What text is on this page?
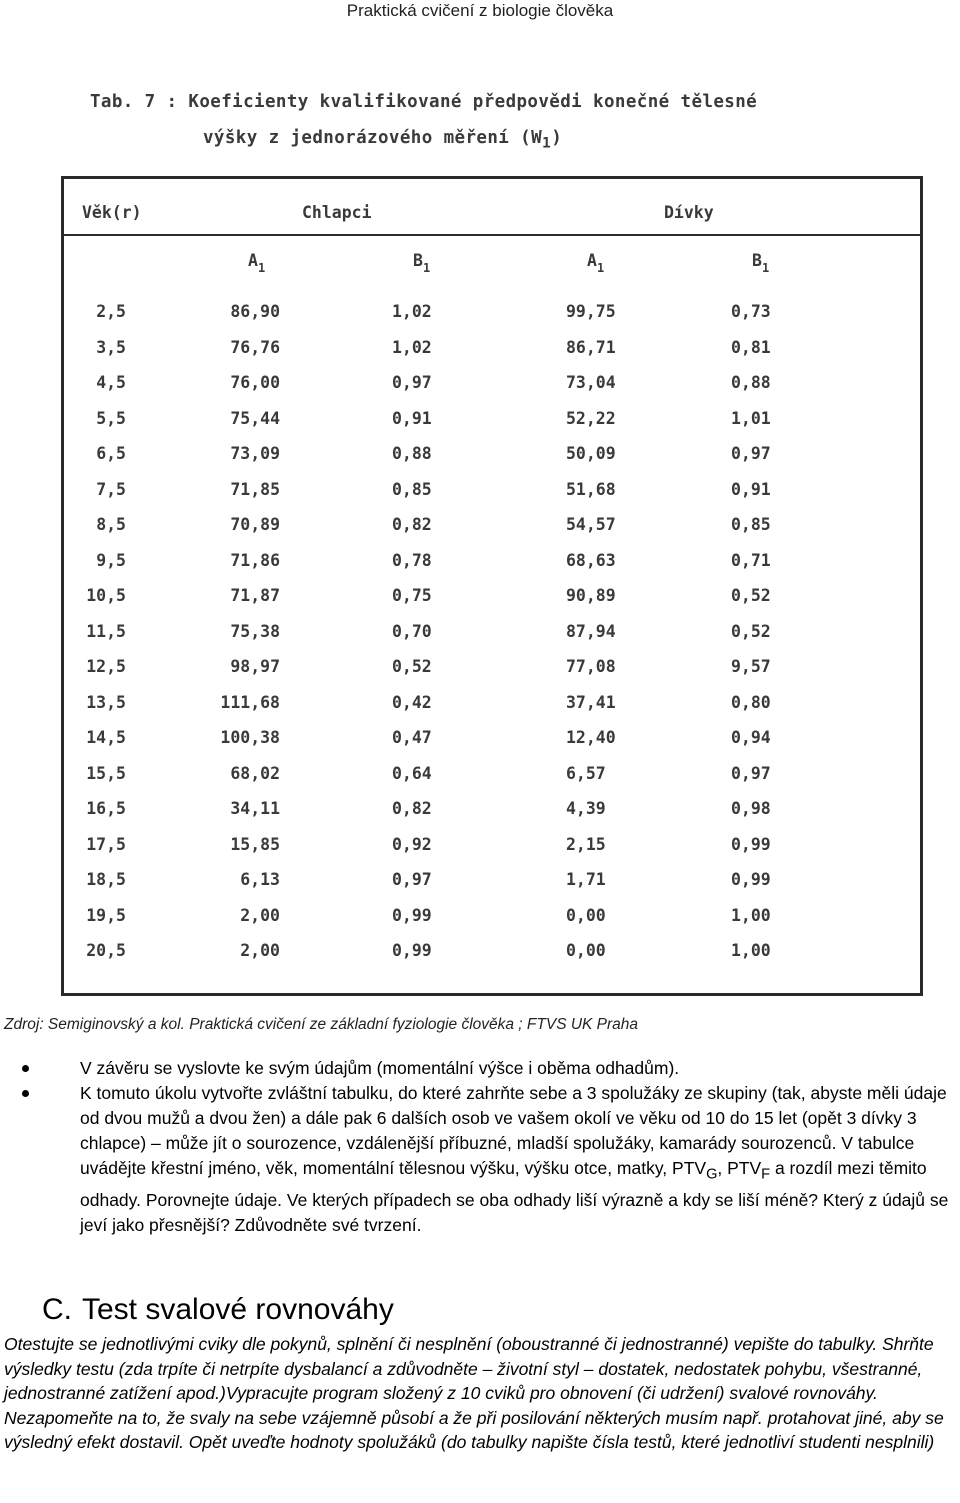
Praktická cvičení z biologie člověka
Tab. 7 : Koeficienty kvalifikované předpovědi konečné tělesné
výšky z jednorázového měření $(W_1)$
Věk(r)	Chlapci	Dívky
$A_1$	$B_1$	$A_1$	$B_1$
2,5	86,90	1,02	99,75	0,73
3,5	76,76	1,02	86,71	0,81
4,5	76,00	0,97	73,04	0,88
5,5	75,44	0,91	52,22	1,01
6,5	73,09	0,88	50,09	0,97
7,5	71,85	0,85	51,68	0,91
8,5	70,89	0,82	54,57	0,85
9,5	71,86	0,78	68,63	0,71
10,5	71,87	0,75	90,89	0,52
11,5	75,38	0,70	87,94	0,52
12,5	98,97	0,52	77,08	9,57
13,5	111,68	0,42	37,41	0,80
14,5	100,38	0,47	12,40	0,94
15,5	68,02	0,64	6,57	0,97
16,5	34,11	0,82	4,39	0,98
17,5	15,85	0,92	2,15	0,99
18,5	6,13	0,97	1,71	0,99
19,5	2,00	0,99	0,00	1,00
20,5	2,00	0,99	0,00	1,00
Zdroj: Semiginovský a kol. Praktická cvičení ze základní fyziologie člověka ; FTVS UK Praha
V závěru se vyslovte ke svým údajům (momentální výšce i oběma odhadům).
K tomuto úkolu vytvořte zvláštní tabulku, do které zahrňte sebe a 3 spolužáky ze skupiny (tak, abyste měli údaje od dvou mužů a dvou žen) a dále pak 6 dalších osob ve vašem okolí ve věku od 10 do 15 let (opět 3 dívky 3 chlapce) – může jít o sourozence, vzdálenější příbuzné, mladší spolužáky, kamarády sourozenců. V tabulce uvádějte křestní jméno, věk, momentální tělesnou výšku, výšku otce, matky, $PTV_G$, $PTV_F$ a rozdíl mezi těmito odhady. Porovnejte údaje. Ve kterých případech se oba odhady liší výrazně a kdy se liší méně? Který z údajů se jeví jako přesnější? Zdůvodněte své tvrzení.
C. Test svalové rovnováhy
Otestujte se jednotlivými cviky dle pokynů, splnění či nesplnění (oboustranné či jednostranné) vepište do tabulky. Shrňte výsledky testu (zda trpíte či netrpíte dysbalancí a zdůvodněte – životní styl – dostatek, nedostatek pohybu, všestranné, jednostranné zatížení apod.)Vypracujte program složený z 10 cviků pro obnovení (či udržení) svalové rovnováhy. Nezapomeňte na to, že svaly na sebe vzájemně působí a že při posilování některých musím např. protahovat jiné, aby se výsledný efekt dostavil. Opět uveďte hodnoty spolužáků (do tabulky napište čísla testů, které jednotliví studenti nesplnili)
